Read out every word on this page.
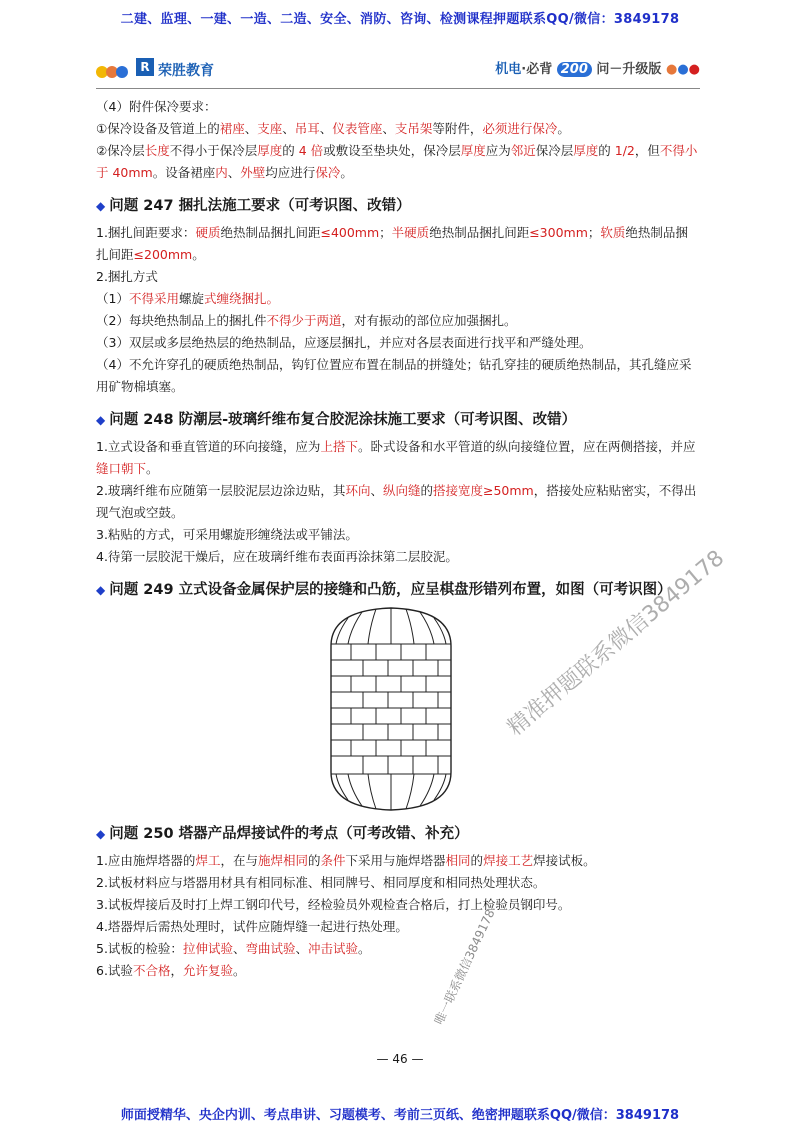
二建、监理、一建、一造、二造、安全、消防、咨询、检测课程押题联系QQ/微信：3849178
R 荣胜教育	机电·必背 200 问－升级版 ●●●

（4）附件保冷要求：

①保冷设备及管道上的裙座、支座、吊耳、仪表管座、支吊架等附件，必须进行保冷。

②保冷层长度不得小于保冷层厚度的 4 倍或敷设至垫块处，保冷层厚度应为邻近保冷层厚度的 1/2，但不得小于 40mm。设备裙座内、外壁均应进行保冷。

◆ 问题 247 捆扎法施工要求（可考识图、改错）

1.捆扎间距要求：硬质绝热制品捆扎间距≤400mm；半硬质绝热制品捆扎间距≤300mm；软质绝热制品捆扎间距≤200mm。

2.捆扎方式

（1）不得采用螺旋式缠绕捆扎。

（2）每块绝热制品上的捆扎件不得少于两道，对有振动的部位应加强捆扎。

（3）双层或多层绝热层的绝热制品，应逐层捆扎，并应对各层表面进行找平和严缝处理。

（4）不允许穿孔的硬质绝热制品，钩钉位置应布置在制品的拼缝处；钻孔穿挂的硬质绝热制品，其孔缝应采用矿物棉填塞。

◆ 问题 248 防潮层-玻璃纤维布复合胶泥涂抹施工要求（可考识图、改错）

1.立式设备和垂直管道的环向接缝，应为上搭下。卧式设备和水平管道的纵向接缝位置，应在两侧搭接，并应缝口朝下。

2.玻璃纤维布应随第一层胶泥层边涂边贴，其环向、纵向缝的搭接宽度≥50mm，搭接处应粘贴密实，不得出现气泡或空鼓。

3.粘贴的方式，可采用螺旋形缠绕法或平铺法。

4.待第一层胶泥干燥后，应在玻璃纤维布表面再涂抹第二层胶泥。

◆ 问题 249 立式设备金属保护层的接缝和凸筋，应呈棋盘形错列布置，如图（可考识图）
◆ 问题 250 塔器产品焊接试件的考点（可考改错、补充）

1.应由施焊塔器的焊工，在与施焊相同的条件下采用与施焊塔器相同的焊接工艺焊接试板。

2.试板材料应与塔器用材具有相同标准、相同牌号、相同厚度和相同热处理状态。

3.试板焊接后及时打上焊工钢印代号，经检验员外观检查合格后，打上检验员钢印号。

4.塔器焊后需热处理时，试件应随焊缝一起进行热处理。

5.试板的检验：拉伸试验、弯曲试验、冲击试验。

6.试验不合格，允许复验。

精准押题联系微信3849178
唯一联系微信3849178
— 46 —
师面授精华、央企内训、考点串讲、习题模考、考前三页纸、绝密押题联系QQ/微信：3849178
